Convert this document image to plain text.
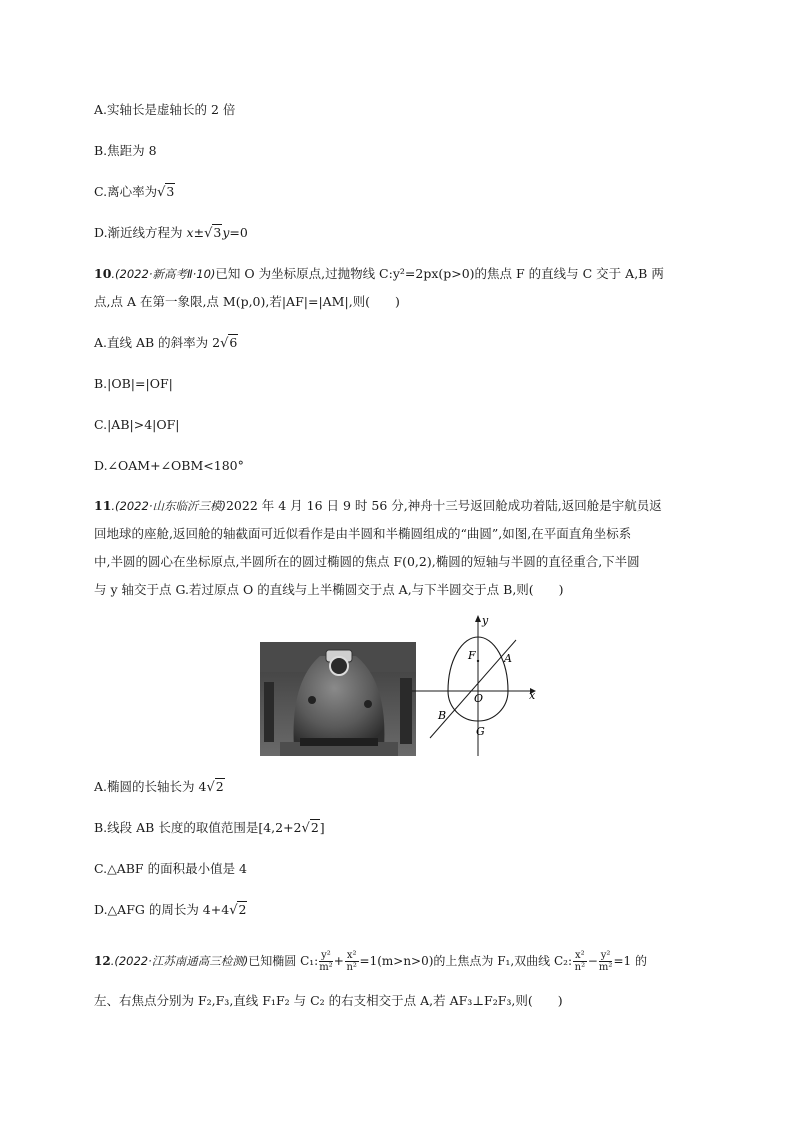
A.实轴长是虚轴长的 2 倍
B.焦距为 8
C.离心率为√3
D.渐近线方程为 x±√3y=0
10.(2022·新高考Ⅱ·10)已知 O 为坐标原点,过抛物线 C:y²=2px(p>0)的焦点 F 的直线与 C 交于 A,B 两
点,点 A 在第一象限,点 M(p,0),若|AF|=|AM|,则(　　)
A.直线 AB 的斜率为 2√6
B.|OB|=|OF|
C.|AB|>4|OF|
D.∠OAM+∠OBM<180°
11.(2022·山东临沂三模)2022 年 4 月 16 日 9 时 56 分,神舟十三号返回舱成功着陆,返回舱是宇航员返
回地球的座舱,返回舱的轴截面可近似看作是由半圆和半椭圆组成的“曲圆”,如图,在平面直角坐标系
中,半圆的圆心在坐标原点,半圆所在的圆过椭圆的焦点 F(0,2),椭圆的短轴与半圆的直径重合,下半圆
与 y 轴交于点 G.若过原点 O 的直线与上半椭圆交于点 A,与下半圆交于点 B,则(　　)
y
x
F	A
O
B
G
A.椭圆的长轴长为 4√2
B.线段 AB 长度的取值范围是[4,2+2√2]
C.△ABF 的面积最小值是 4
D.△AFG 的周长为 4+4√2
12.(2022·江苏南通高三检测)已知椭圆 C₁: $\frac{\text{y²}}{\text{m²}} + \frac{\text{x²}}{\text{n²}} =1(m>n>0)$的上焦点为 F₁,双曲线 C₂: $\frac{\text{x²}}{\text{n²}} - \frac{\text{y²}}{\text{m²}} =1$ 的
左、右焦点分别为 F₂,F₃,直线 F₁F₂ 与 C₂ 的右支相交于点 A,若 AF₃⊥F₂F₃,则(　　)
